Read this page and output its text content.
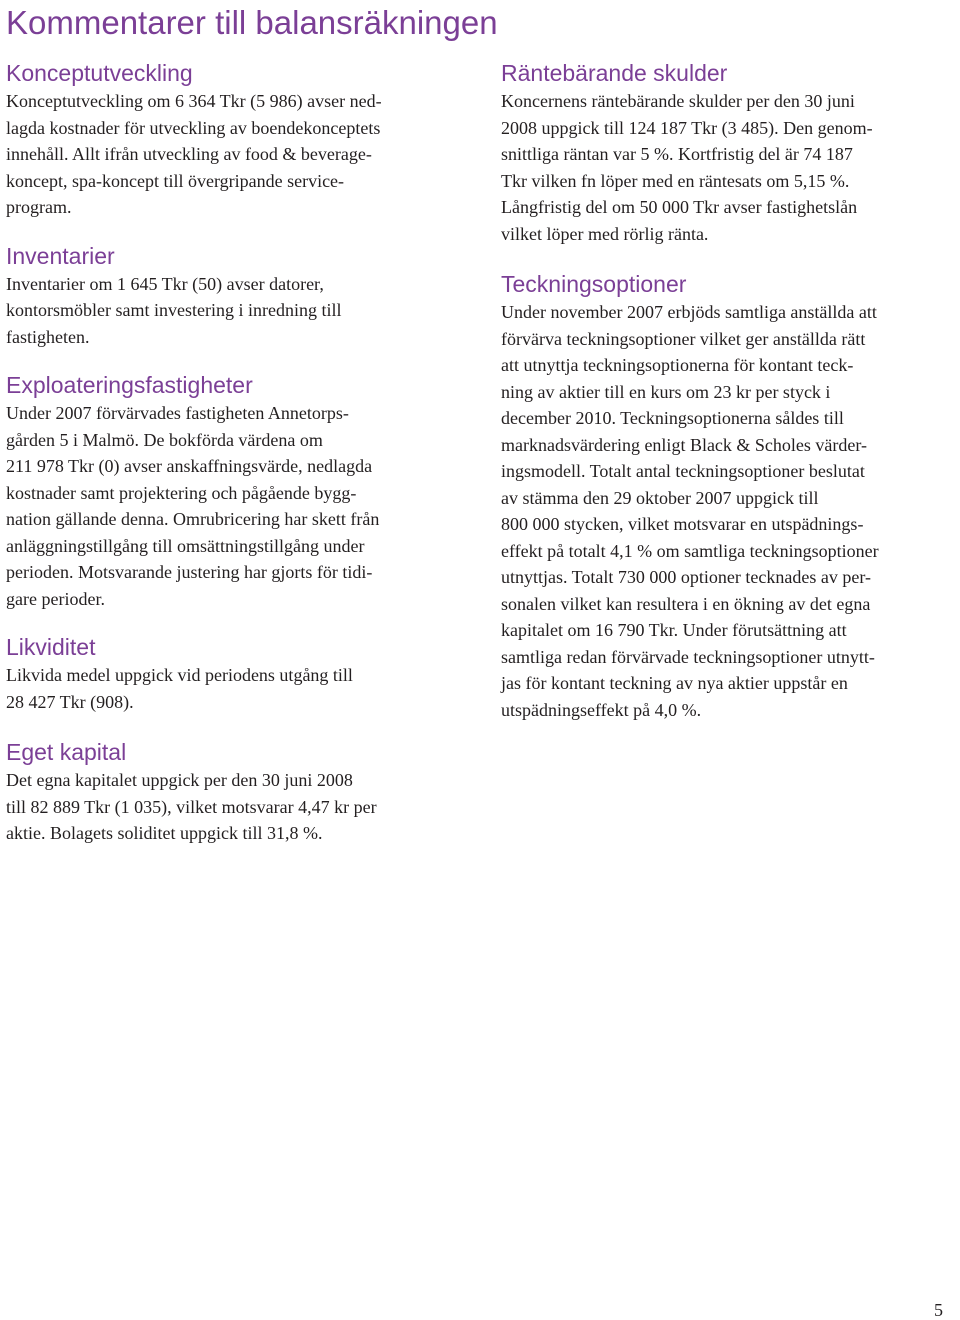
Kommentarer till balansräkningen
Konceptutveckling

Konceptutveckling om 6 364 Tkr (5 986) avser ned-
lagda kostnader för utveckling av boendekonceptets
innehåll. Allt ifrån utveckling av food & beverage-
koncept, spa-koncept till övergripande service-
program.

Inventarier

Inventarier om 1 645 Tkr (50) avser datorer,
kontorsmöbler samt investering i inredning till
fastigheten.

Exploateringsfastigheter

Under 2007 förvärvades fastigheten Annetorps-
gården 5 i Malmö. De bokförda värdena om
211 978 Tkr (0) avser anskaffningsvärde, nedlagda
kostnader samt projektering och pågående bygg-
nation gällande denna. Omrubricering har skett från
anläggningstillgång till omsättningstillgång under
perioden. Motsvarande justering har gjorts för tidi-
gare perioder.

Likviditet

Likvida medel uppgick vid periodens utgång till
28 427 Tkr (908).

Eget kapital

Det egna kapitalet uppgick per den 30 juni 2008
till 82 889 Tkr (1 035), vilket motsvarar 4,47 kr per
aktie. Bolagets soliditet uppgick till 31,8 %.

Räntebärande skulder

Koncernens räntebärande skulder per den 30 juni
2008 uppgick till 124 187 Tkr (3 485). Den genom-
snittliga räntan var 5 %. Kortfristig del är 74 187
Tkr vilken fn löper med en räntesats om 5,15 %.
Långfristig del om 50 000 Tkr avser fastighetslån
vilket löper med rörlig ränta.

Teckningsoptioner

Under november 2007 erbjöds samtliga anställda att
förvärva teckningsoptioner vilket ger anställda rätt
att utnyttja teckningsoptionerna för kontant teck-
ning av aktier till en kurs om 23 kr per styck i
december 2010. Teckningsoptionerna såldes till
marknadsvärdering enligt Black & Scholes värder-
ingsmodell. Totalt antal teckningsoptioner beslutat
av stämma den 29 oktober 2007 uppgick till
800 000 stycken, vilket motsvarar en utspädnings-
effekt på totalt 4,1 % om samtliga teckningsoptioner
utnyttjas. Totalt 730 000 optioner tecknades av per-
sonalen vilket kan resultera i en ökning av det egna
kapitalet om 16 790 Tkr. Under förutsättning att
samtliga redan förvärvade teckningsoptioner utnytt-
jas för kontant teckning av nya aktier uppstår en
utspädningseffekt på 4,0 %.

5
